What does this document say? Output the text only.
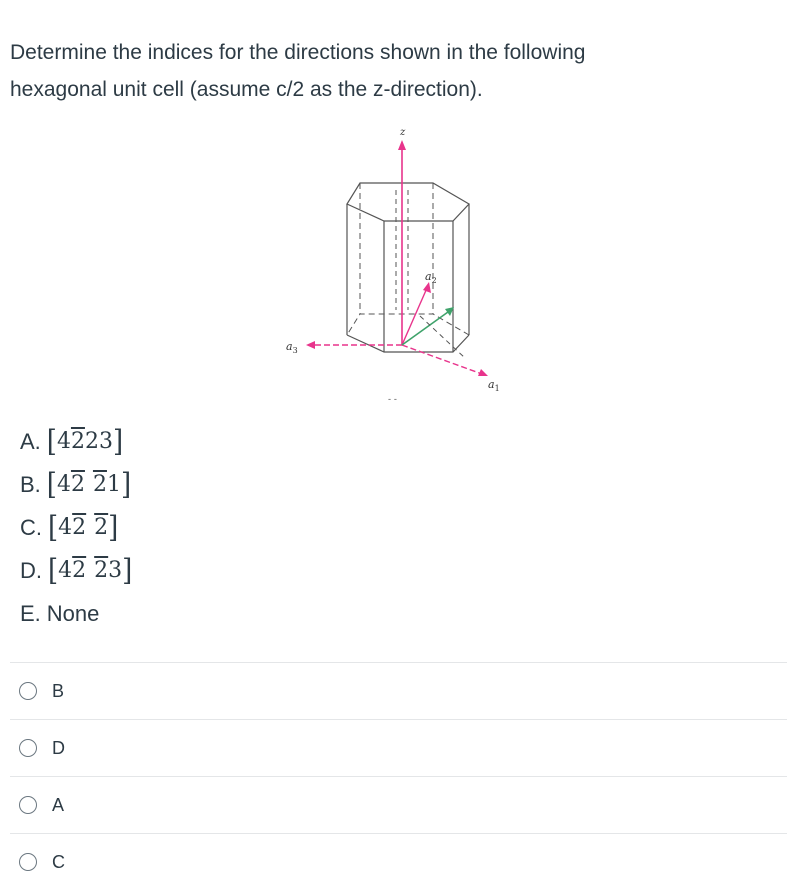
Determine the indices for the directions shown in the following
hexagonal unit cell (assume c/2 as the z-direction).
- -
z
$a_2$
$a_3$
$a_1$
A. [ 4 2 2 3 ]
B. [ 4 2 2 1 ]
C. [ 4 2 2 ]
D. [ 4 2 2 3 ]
E. None
B
D
A
C
